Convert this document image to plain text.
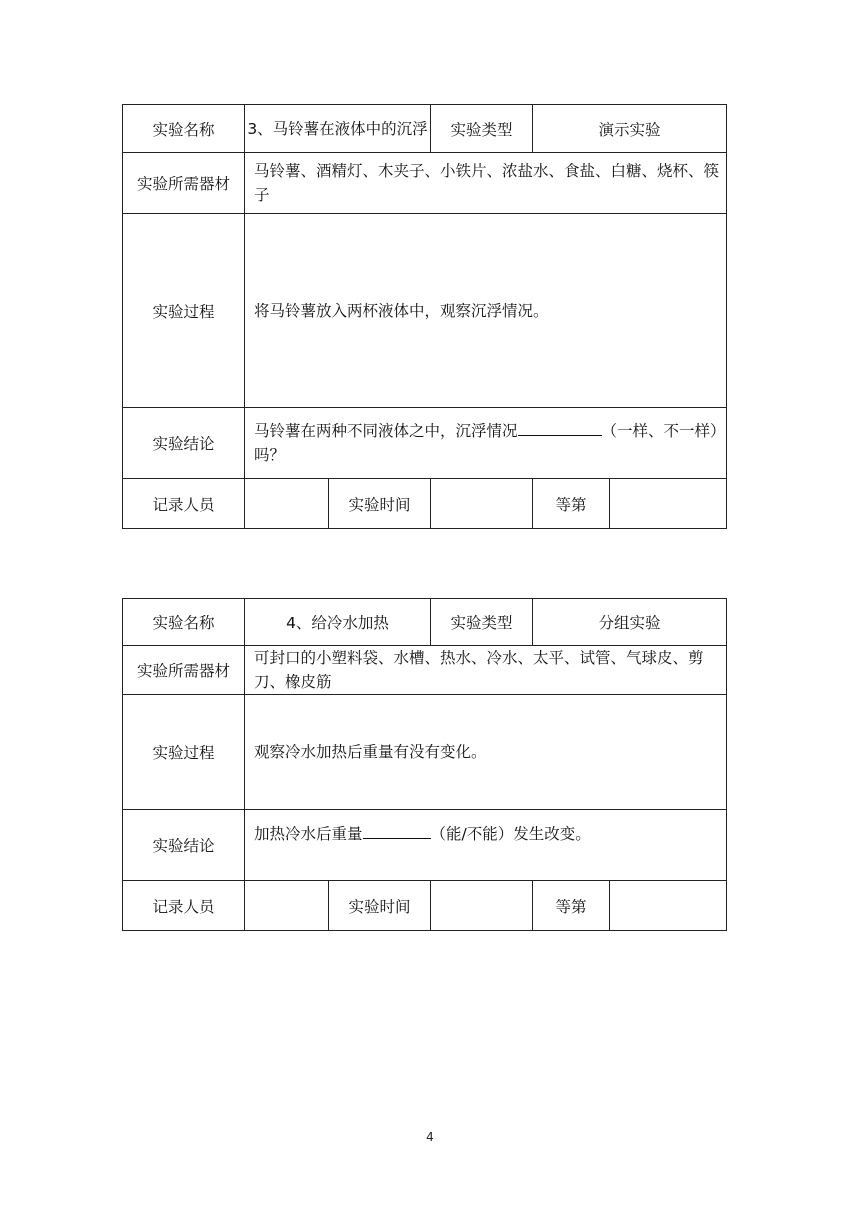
实验名称	3、马铃薯在液体中的沉浮		实验类型	演示实验	
实验所需器材	马铃薯、酒精灯、木夹子、小铁片、浓盐水、食盐、白糖、烧杯、筷子				
实验过程	将马铃薯放入两杯液体中，观察沉浮情况。				
实验结论	马铃薯在两种不同液体之中，沉浮情况 （一样、不一样）吗？				
记录人员		实验时间		等第	
实验名称	4、给冷水加热		实验类型	分组实验	
实验所需器材	可封口的小塑料袋、水槽、热水、冷水、太平、试管、气球皮、剪刀、橡皮筋				
实验过程	观察冷水加热后重量有没有变化。				
实验结论	加热冷水后重量 （能/不能）发生改变。				
记录人员		实验时间		等第	
4
